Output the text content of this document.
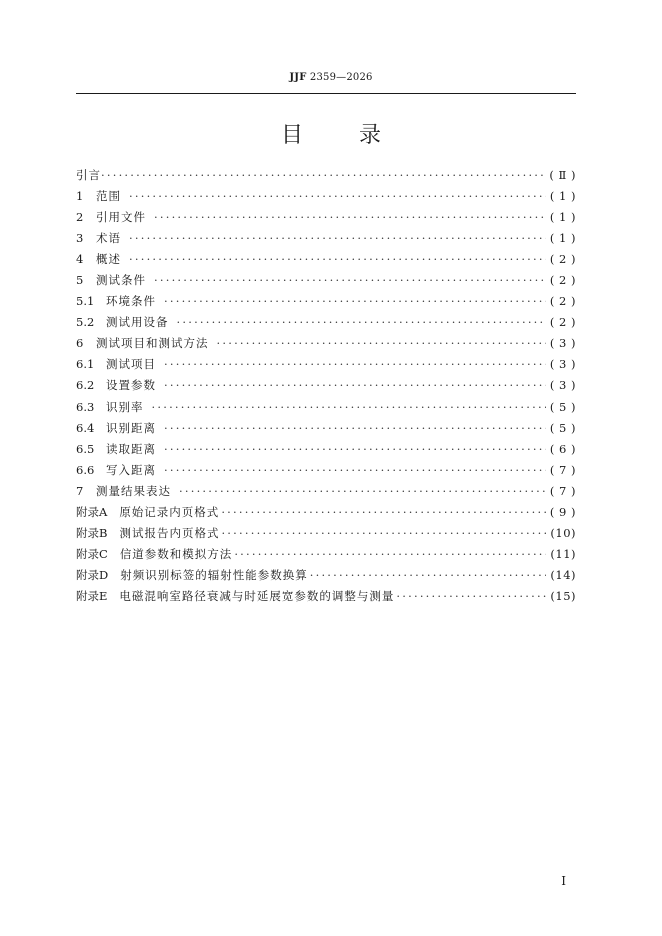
JJF 2359—2026
目	录
引言 ·····	( Ⅱ )
1	范围 ·····	( 1 )
2	引用文件 ·····	( 1 )
3	术语 ·····	( 1 )
4	概述 ·····	( 2 )
5	测试条件 ·····	( 2 )
5.1	环境条件 ·····	( 2 )
5.2	测试用设备 ·····	( 2 )
6	测试项目和测试方法 ·····	( 3 )
6.1	测试项目 ·····	( 3 )
6.2	设置参数 ·····	( 3 )
6.3	识别率 ·····	( 5 )
6.4	识别距离 ·····	( 5 )
6.5	读取距离 ·····	( 6 )
6.6	写入距离 ·····	( 7 )
7	测量结果表达 ·····	( 7 )
附录A 原始记录内页格式 ·····	( 9 )
附录B 测试报告内页格式 ·····	(10)
附录C 信道参数和模拟方法 ·····	(11)
附录D 射频识别标签的辐射性能参数换算 ·····	(14)
附录E 电磁混响室路径衰减与时延展宽参数的调整与测量 ·····	(15)
I
